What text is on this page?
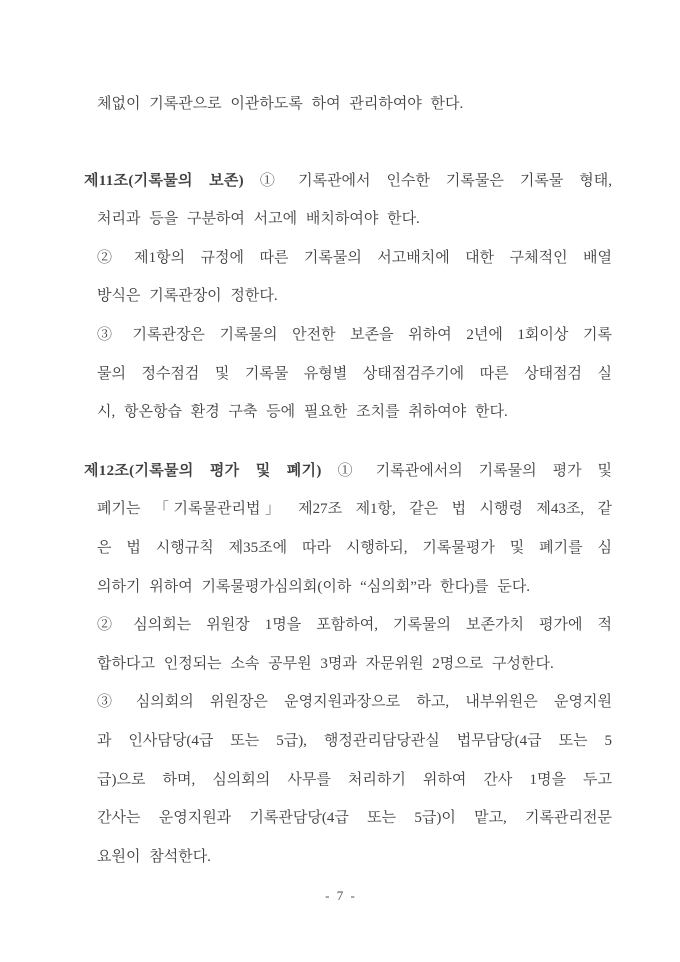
체없이 기록관으로 이관하도록 하여 관리하여야 한다.
제11조(기록물의 보존) ① 기록관에서 인수한 기록물은 기록물 형태,
처리과 등을 구분하여 서고에 배치하여야 한다.
② 제1항의 규정에 따른 기록물의 서고배치에 대한 구체적인 배열
방식은 기록관장이 정한다.
③ 기록관장은 기록물의 안전한 보존을 위하여 2년에 1회이상 기록
물의 정수점검 및 기록물 유형별 상태점검주기에 따른 상태점검 실
시, 항온항습 환경 구축 등에 필요한 조치를 취하여야 한다.
제12조(기록물의 평가 및 폐기) ① 기록관에서의 기록물의 평가 및
폐기는 「기록물관리법」 제27조 제1항, 같은 법 시행령 제43조, 같
은 법 시행규칙 제35조에 따라 시행하되, 기록물평가 및 폐기를 심
의하기 위하여 기록물평가심의회(이하 “심의회”라 한다)를 둔다.
② 심의회는 위원장 1명을 포함하여, 기록물의 보존가치 평가에 적
합하다고 인정되는 소속 공무원 3명과 자문위원 2명으로 구성한다.
③ 심의회의 위원장은 운영지원과장으로 하고, 내부위원은 운영지원
과 인사담당(4급 또는 5급), 행정관리담당관실 법무담당(4급 또는 5
급)으로 하며, 심의회의 사무를 처리하기 위하여 간사 1명을 두고
간사는 운영지원과 기록관담당(4급 또는 5급)이 맡고, 기록관리전문
요원이 참석한다.
- 7 -
